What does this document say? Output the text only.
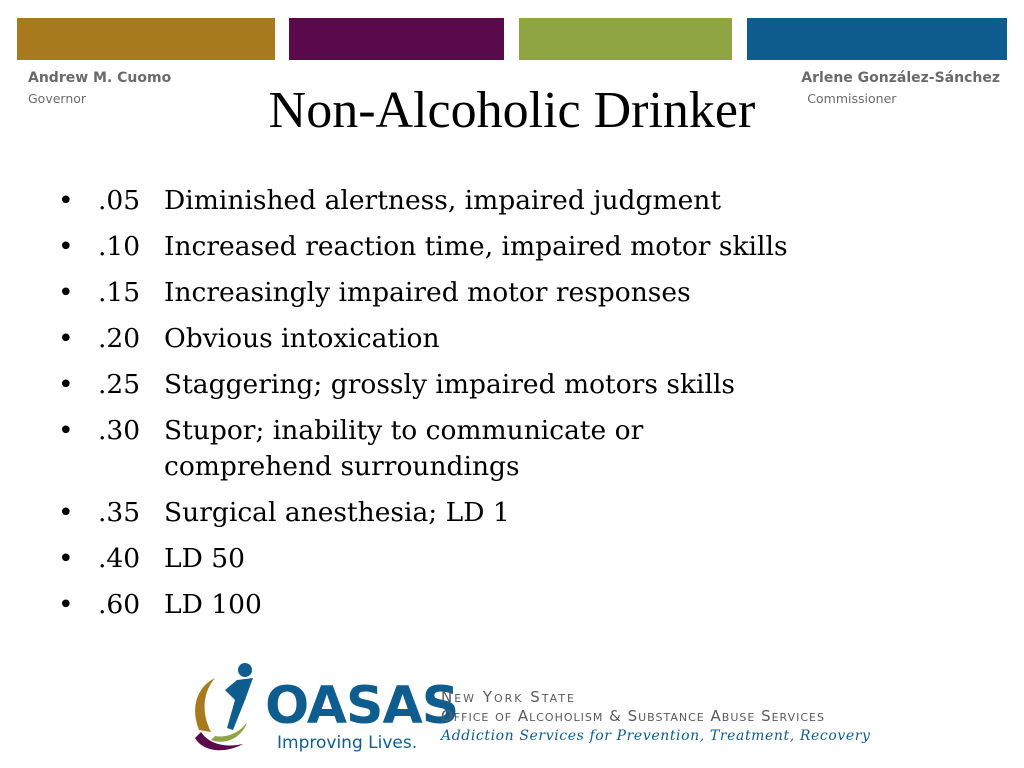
Andrew M. Cuomo
Governor
Arlene González-Sánchez
Commissioner
Non-Alcoholic Drinker
• .05 Diminished alertness, impaired judgment
• .10 Increased reaction time, impaired motor skills
• .15 Increasingly impaired motor responses
• .20 Obvious intoxication
• .25 Staggering; grossly impaired motors skills
• .30 Stupor; inability to communicate or comprehend surroundings
• .35 Surgical anesthesia; LD 1
• .40 LD 50
• .60 LD 100
OASAS
Improving Lives.
New York State
Office of Alcoholism & Substance Abuse Services
Addiction Services for Prevention, Treatment, Recovery
